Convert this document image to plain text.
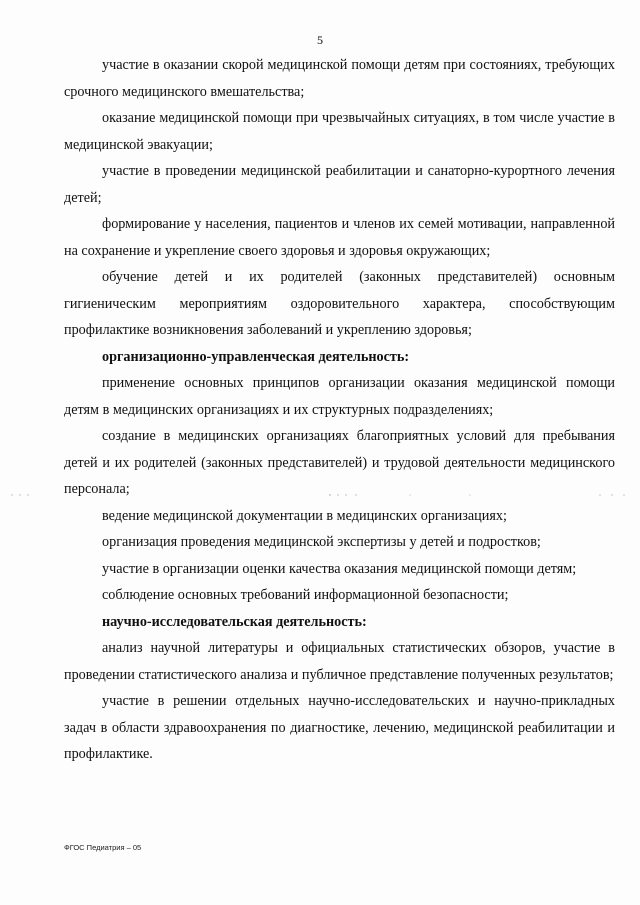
5

участие в оказании скорой медицинской помощи детям при состояниях, требующих срочного медицинского вмешательства;

оказание медицинской помощи при чрезвычайных ситуациях, в том числе участие в медицинской эвакуации;

участие в проведении медицинской реабилитации и санаторно-курортного лечения детей;

формирование у населения, пациентов и членов их семей мотивации, направленной на сохранение и укрепление своего здоровья и здоровья окружающих;

обучение детей и их родителей (законных представителей) основным гигиеническим мероприятиям оздоровительного характера, способствующим профилактике возникновения заболеваний и укреплению здоровья;

организационно-управленческая деятельность:

применение основных принципов организации оказания медицинской помощи детям в медицинских организациях и их структурных подразделениях;

создание в медицинских организациях благоприятных условий для пребывания детей и их родителей (законных представителей) и трудовой деятельности медицинского персонала;

ведение медицинской документации в медицинских организациях;

организация проведения медицинской экспертизы у детей и подростков;

участие в организации оценки качества оказания медицинской помощи детям;

соблюдение основных требований информационной безопасности;

научно-исследовательская деятельность:

анализ научной литературы и официальных статистических обзоров, участие в проведении статистического анализа и публичное представление полученных результатов;

участие в решении отдельных научно-исследовательских и научно-прикладных задач в области здравоохранения по диагностике, лечению, медицинской реабилитации и профилактике.

ФГОС Педиатрия – 05
